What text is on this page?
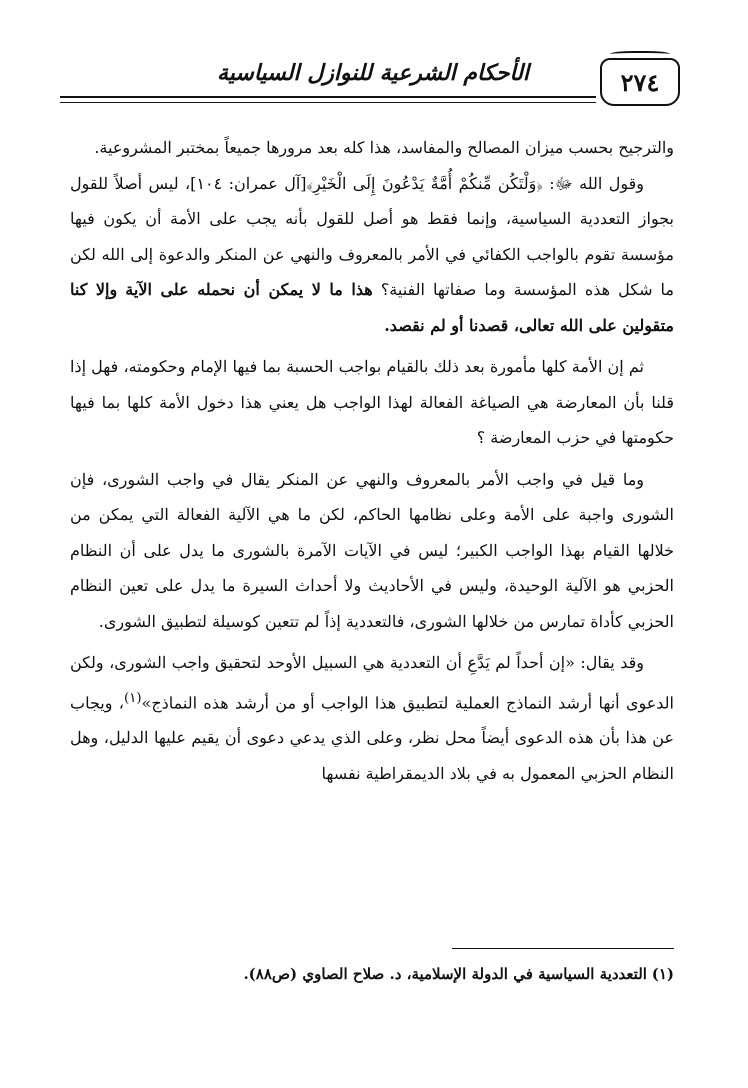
الأحكام الشرعية للنوازل السياسية	٢٧٤

والترجيح بحسب ميزان المصالح والمفاسد، هذا كله بعد مرورها جميعاً بمختبر المشروعية.

وقول الله ﷻ: ﴿وَلْتَكُن مِّنكُمْ أُمَّةٌ يَدْعُونَ إِلَى الْخَيْرِ﴾[آل عمران: ١٠٤]، ليس أصلاً للقول بجواز التعددية السياسية، وإنما فقط هو أصل للقول بأنه يجب على الأمة أن يكون فيها مؤسسة تقوم بالواجب الكفائي في الأمر بالمعروف والنهي عن المنكر والدعوة إلى الله لكن ما شكل هذه المؤسسة وما صفاتها الفنية؟ هذا ما لا يمكن أن نحمله على الآية وإلا كنا متقولين على الله تعالى، قصدنا أو لم نقصد.

ثم إن الأمة كلها مأمورة بعد ذلك بالقيام بواجب الحسبة بما فيها الإمام وحكومته، فهل إذا قلنا بأن المعارضة هي الصياغة الفعالة لهذا الواجب هل يعني هذا دخول الأمة كلها بما فيها حكومتها في حزب المعارضة ؟

وما قيل في واجب الأمر بالمعروف والنهي عن المنكر يقال في واجب الشورى، فإن الشورى واجبة على الأمة وعلى نظامها الحاكم، لكن ما هي الآلية الفعالة التي يمكن من خلالها القيام بهذا الواجب الكبير؛ ليس في الآيات الآمرة بالشورى ما يدل على أن النظام الحزبي هو الآلية الوحيدة، وليس في الأحاديث ولا أحداث السيرة ما يدل على تعين النظام الحزبي كأداة تمارس من خلالها الشورى، فالتعددية إذاً لم تتعين كوسيلة لتطبيق الشورى.

وقد يقال: «إن أحداً لم يَدَّعِ أن التعددية هي السبيل الأوحد لتحقيق واجب الشورى، ولكن الدعوى أنها أرشد النماذج العملية لتطبيق هذا الواجب أو من أرشد هذه النماذج»$^{(١)}$، ويجاب عن هذا بأن هذه الدعوى أيضاً محل نظر، وعلى الذي يدعي دعوى أن يقيم عليها الدليل، وهل النظام الحزبي المعمول به في بلاد الديمقراطية نفسها

(١) التعددية السياسية في الدولة الإسلامية، د. صلاح الصاوي (ص٨٨).
